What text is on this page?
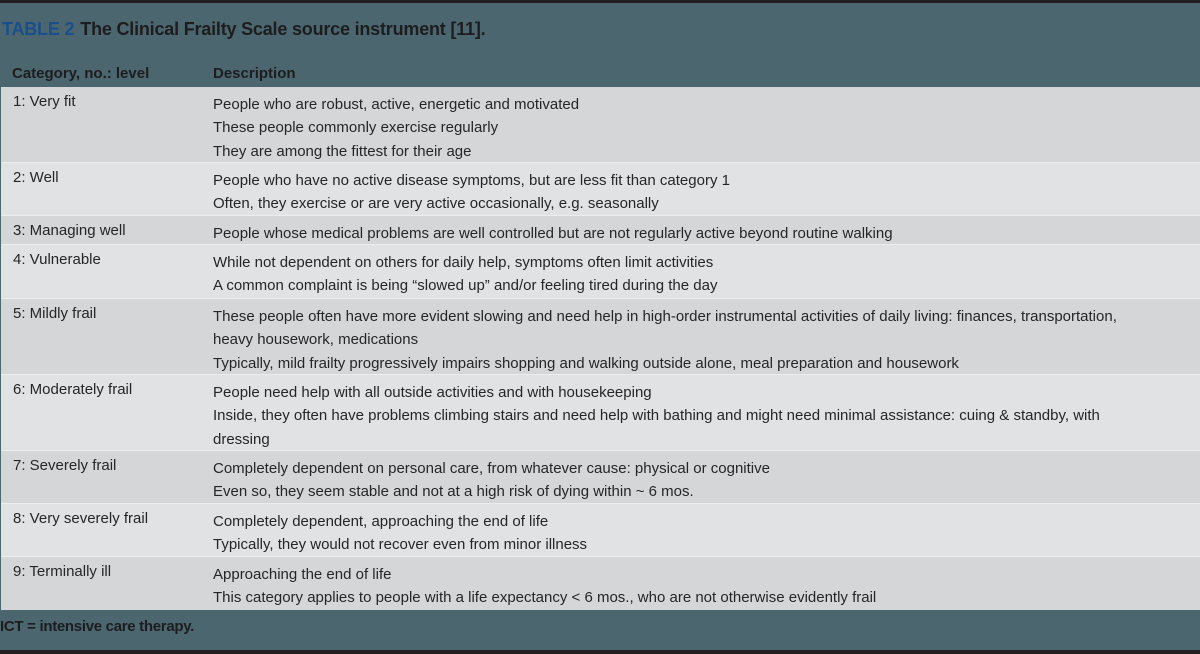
TABLE 2 The Clinical Frailty Scale source instrument [11].
Category, no.: level	Description
1: Very fit	People who are robust, active, energetic and motivated
These people commonly exercise regularly
They are among the fittest for their age
2: Well	People who have no active disease symptoms, but are less fit than category 1
Often, they exercise or are very active occasionally, e.g. seasonally
3: Managing well	People whose medical problems are well controlled but are not regularly active beyond routine walking
4: Vulnerable	While not dependent on others for daily help, symptoms often limit activities
A common complaint is being “slowed up” and/or feeling tired during the day
5: Mildly frail	These people often have more evident slowing and need help in high-order instrumental activities of daily living: finances, transportation, heavy housework, medications
Typically, mild frailty progressively impairs shopping and walking outside alone, meal preparation and housework
6: Moderately frail	People need help with all outside activities and with housekeeping
Inside, they often have problems climbing stairs and need help with bathing and might need minimal assistance: cuing & standby, with dressing
7: Severely frail	Completely dependent on personal care, from whatever cause: physical or cognitive
Even so, they seem stable and not at a high risk of dying within ~ 6 mos.
8: Very severely frail	Completely dependent, approaching the end of life
Typically, they would not recover even from minor illness
9: Terminally ill	Approaching the end of life
This category applies to people with a life expectancy < 6 mos., who are not otherwise evidently frail
ICT = intensive care therapy.
